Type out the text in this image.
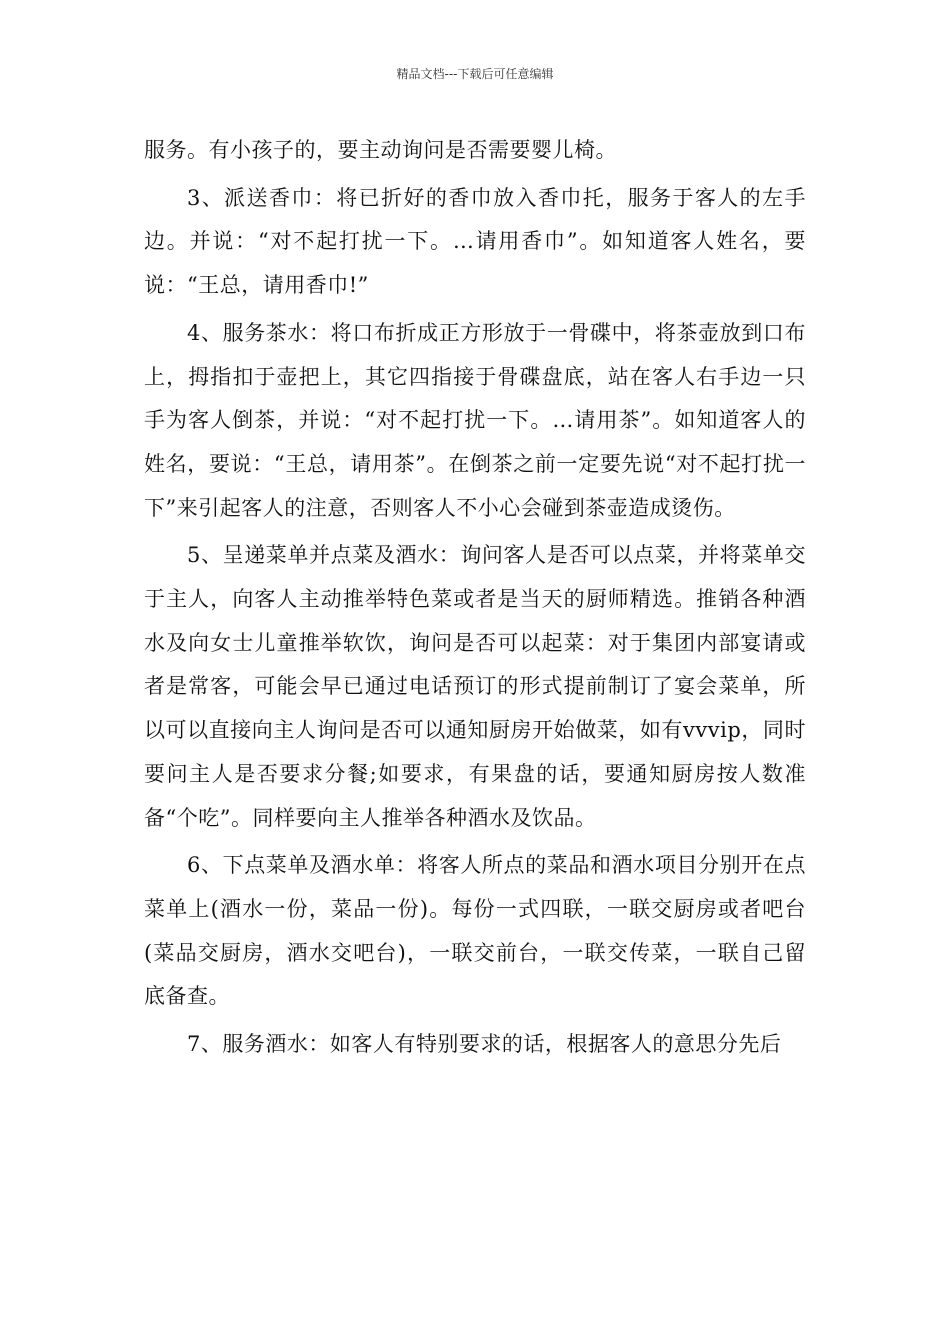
精品文档---下载后可任意编辑

服务。有小孩子的，要主动询问是否需要婴儿椅。

3、派送香巾：将已折好的香巾放入香巾托，服务于客人的左手边。并说：“对不起打扰一下。…请用香巾”。如知道客人姓名，要说：“王总，请用香巾!”

4、服务茶水：将口布折成正方形放于一骨碟中，将茶壶放到口布上，拇指扣于壶把上，其它四指接于骨碟盘底，站在客人右手边一只手为客人倒茶，并说：“对不起打扰一下。…请用茶”。如知道客人的姓名，要说：“王总，请用茶”。在倒茶之前一定要先说“对不起打扰一下”来引起客人的注意，否则客人不小心会碰到茶壶造成烫伤。

5、呈递菜单并点菜及酒水：询问客人是否可以点菜，并将菜单交于主人，向客人主动推举特色菜或者是当天的厨师精选。推销各种酒水及向女士儿童推举软饮，询问是否可以起菜：对于集团内部宴请或者是常客，可能会早已通过电话预订的形式提前制订了宴会菜单，所以可以直接向主人询问是否可以通知厨房开始做菜，如有vvvip，同时要问主人是否要求分餐;如要求，有果盘的话，要通知厨房按人数准备“个吃”。同样要向主人推举各种酒水及饮品。

6、下点菜单及酒水单：将客人所点的菜品和酒水项目分别开在点菜单上(酒水一份，菜品一份)。每份一式四联，一联交厨房或者吧台(菜品交厨房，酒水交吧台)，一联交前台，一联交传菜，一联自己留底备查。

7、服务酒水：如客人有特别要求的话，根据客人的意思分先后
